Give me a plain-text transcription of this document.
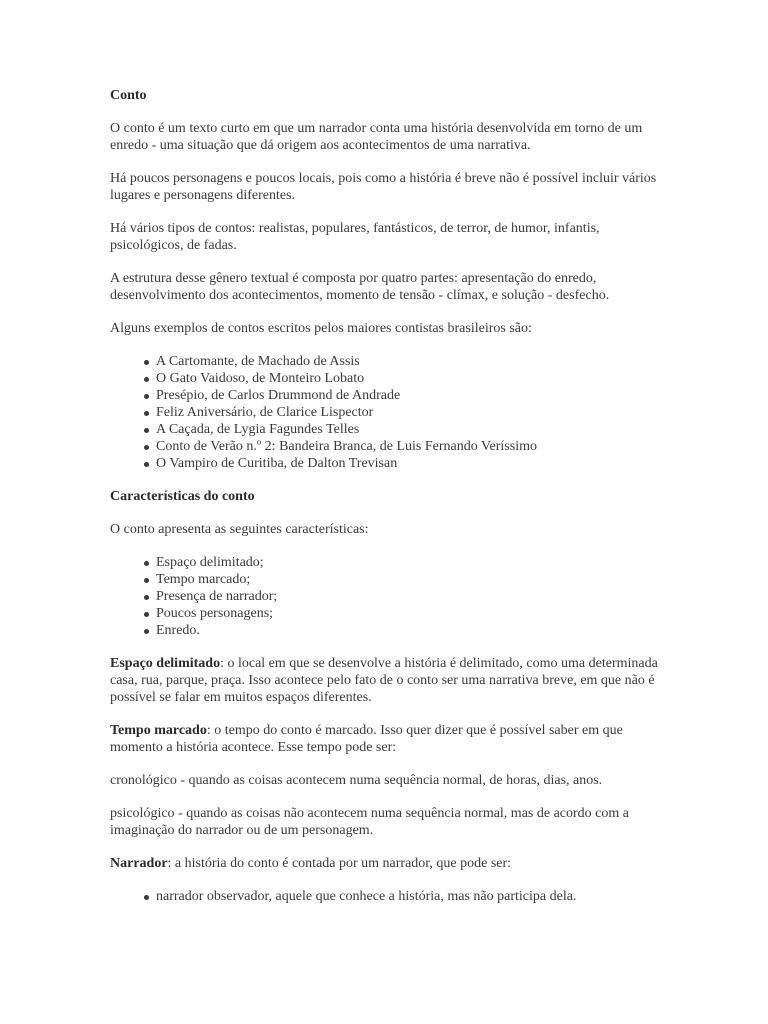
Conto

O conto é um texto curto em que um narrador conta uma história desenvolvida em torno de um enredo - uma situação que dá origem aos acontecimentos de uma narrativa.

Há poucos personagens e poucos locais, pois como a história é breve não é possível incluir vários lugares e personagens diferentes.

Há vários tipos de contos: realistas, populares, fantásticos, de terror, de humor, infantis, psicológicos, de fadas.

A estrutura desse gênero textual é composta por quatro partes: apresentação do enredo, desenvolvimento dos acontecimentos, momento de tensão - clímax, e solução - desfecho.

Alguns exemplos de contos escritos pelos maiores contistas brasileiros são:

A Cartomante, de Machado de Assis
O Gato Vaidoso, de Monteiro Lobato
Presépio, de Carlos Drummond de Andrade
Feliz Aniversário, de Clarice Lispector
A Caçada, de Lygia Fagundes Telles
Conto de Verão n.º 2: Bandeira Branca, de Luis Fernando Veríssimo
O Vampiro de Curitiba, de Dalton Trevisan

Características do conto

O conto apresenta as seguintes características:

Espaço delimitado;
Tempo marcado;
Presença de narrador;
Poucos personagens;
Enredo.

Espaço delimitado: o local em que se desenvolve a história é delimitado, como uma determinada casa, rua, parque, praça. Isso acontece pelo fato de o conto ser uma narrativa breve, em que não é possível se falar em muitos espaços diferentes.

Tempo marcado: o tempo do conto é marcado. Isso quer dizer que é possível saber em que momento a história acontece. Esse tempo pode ser:

cronológico - quando as coisas acontecem numa sequência normal, de horas, dias, anos.

psicológico - quando as coisas não acontecem numa sequência normal, mas de acordo com a imaginação do narrador ou de um personagem.

Narrador: a história do conto é contada por um narrador, que pode ser:

narrador observador, aquele que conhece a história, mas não participa dela.
